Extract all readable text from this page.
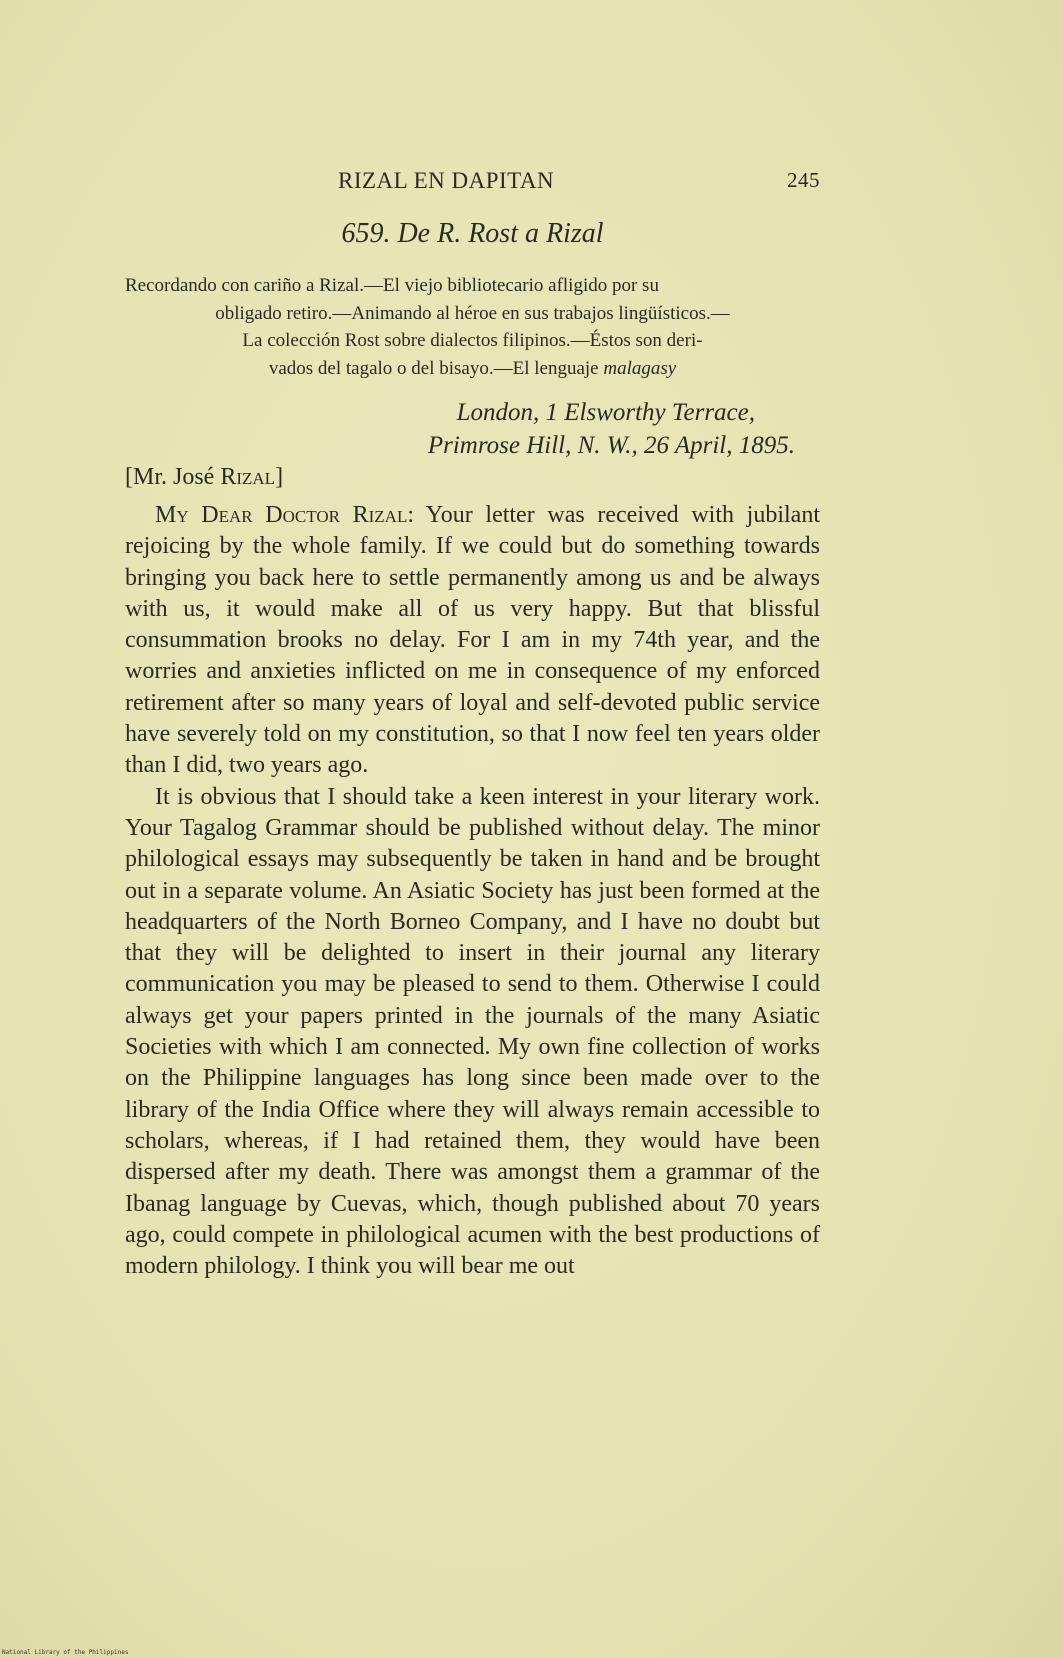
RIZAL EN DAPITAN	245
659. De R. Rost a Rizal
Recordando con cariño a Rizal.—El viejo bibliotecario afligido por su
obligado retiro.—Animando al héroe en sus trabajos lingüísticos.—
La colección Rost sobre dialectos filipinos.—Éstos son deri-
vados del tagalo o del bisayo.—El lenguaje malagasy
London, 1 Elsworthy Terrace,
Primrose Hill, N. W., 26 April, 1895.
[Mr. José Rizal]

My Dear Doctor Rizal: Your letter was received with jubilant rejoicing by the whole family. If we could but do something towards bringing you back here to settle permanently among us and be always with us, it would make all of us very happy. But that blissful consummation brooks no delay. For I am in my 74th year, and the worries and anxieties inflicted on me in consequence of my enforced retirement after so many years of loyal and self-devoted public service have severely told on my constitution, so that I now feel ten years older than I did, two years ago.

It is obvious that I should take a keen interest in your literary work. Your Tagalog Grammar should be published without delay. The minor philological essays may subsequently be taken in hand and be brought out in a separate volume. An Asiatic Society has just been formed at the headquarters of the North Borneo Company, and I have no doubt but that they will be delighted to insert in their journal any literary communication you may be pleased to send to them. Otherwise I could always get your papers printed in the journals of the many Asiatic Societies with which I am connected. My own fine collection of works on the Philippine languages has long since been made over to the library of the India Office where they will always remain accessible to scholars, whereas, if I had retained them, they would have been dispersed after my death. There was amongst them a grammar of the Ibanag language by Cuevas, which, though published about 70 years ago, could compete in philological acumen with the best productions of modern philology. I think you will bear me out

National Library of the Philippines
